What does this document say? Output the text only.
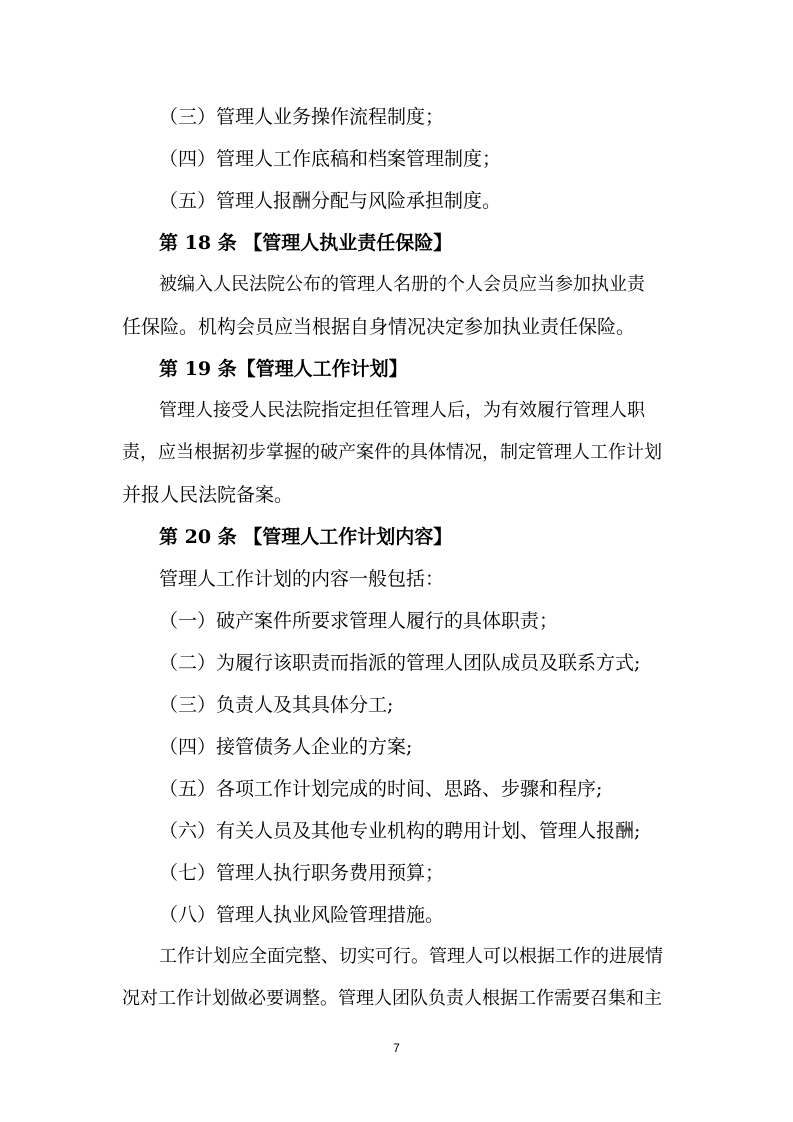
（三）管理人业务操作流程制度；
（四）管理人工作底稿和档案管理制度；
（五）管理人报酬分配与风险承担制度。
第 18 条 【管理人执业责任保险】
被编入人民法院公布的管理人名册的个人会员应当参加执业责
任保险。机构会员应当根据自身情况决定参加执业责任保险。
第 19 条【管理人工作计划】
管理人接受人民法院指定担任管理人后，为有效履行管理人职
责，应当根据初步掌握的破产案件的具体情况，制定管理人工作计划
并报人民法院备案。
第 20 条 【管理人工作计划内容】
管理人工作计划的内容一般包括：
（一）破产案件所要求管理人履行的具体职责；
（二）为履行该职责而指派的管理人团队成员及联系方式;
（三）负责人及其具体分工;
（四）接管债务人企业的方案;
（五）各项工作计划完成的时间、思路、步骤和程序;
（六）有关人员及其他专业机构的聘用计划、管理人报酬;
（七）管理人执行职务费用预算；
（八）管理人执业风险管理措施。
工作计划应全面完整、切实可行。管理人可以根据工作的进展情
况对工作计划做必要调整。管理人团队负责人根据工作需要召集和主
7
